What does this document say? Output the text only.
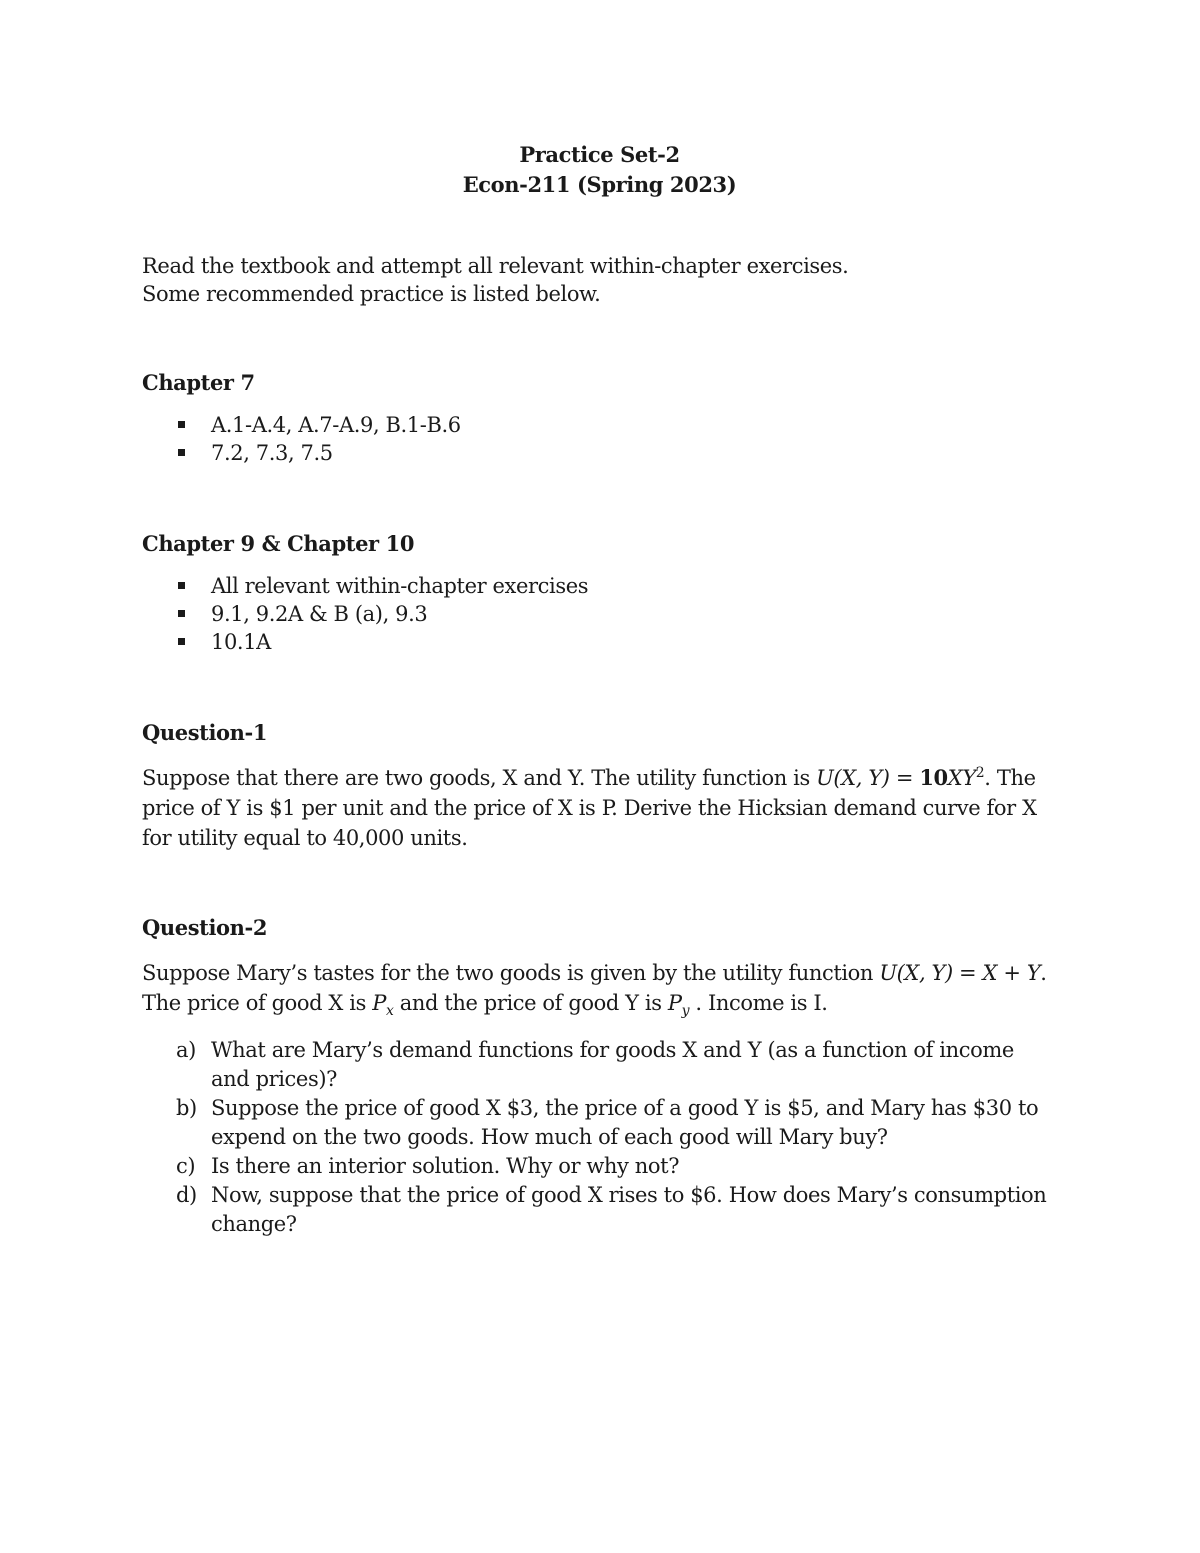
Practice Set-2
Econ-211 (Spring 2023)
Read the textbook and attempt all relevant within-chapter exercises.
Some recommended practice is listed below.
Chapter 7
A.1-A.4, A.7-A.9, B.1-B.6
7.2, 7.3, 7.5
Chapter 9 & Chapter 10
All relevant within-chapter exercises
9.1, 9.2A & B (a), 9.3
10.1A
Question-1
Suppose that there are two goods, X and Y. The utility function is U(X, $Y) = 10XY^2$. The price of Y is $1 per unit and the price of X is P. Derive the Hicksian demand curve for X for utility equal to 40,000 units.
Question-2
Suppose Mary’s tastes for the two goods is given by the utility function U(X, Y) = X + Y. The price of good X is $P_x$ and the price of good Y is $P_y$ . Income is I.
a) What are Mary’s demand functions for goods X and Y (as a function of income and prices)?
b) Suppose the price of good X $3, the price of a good Y is $5, and Mary has $30 to expend on the two goods. How much of each good will Mary buy?
c) Is there an interior solution. Why or why not?
d) Now, suppose that the price of good X rises to $6. How does Mary’s consumption change?
